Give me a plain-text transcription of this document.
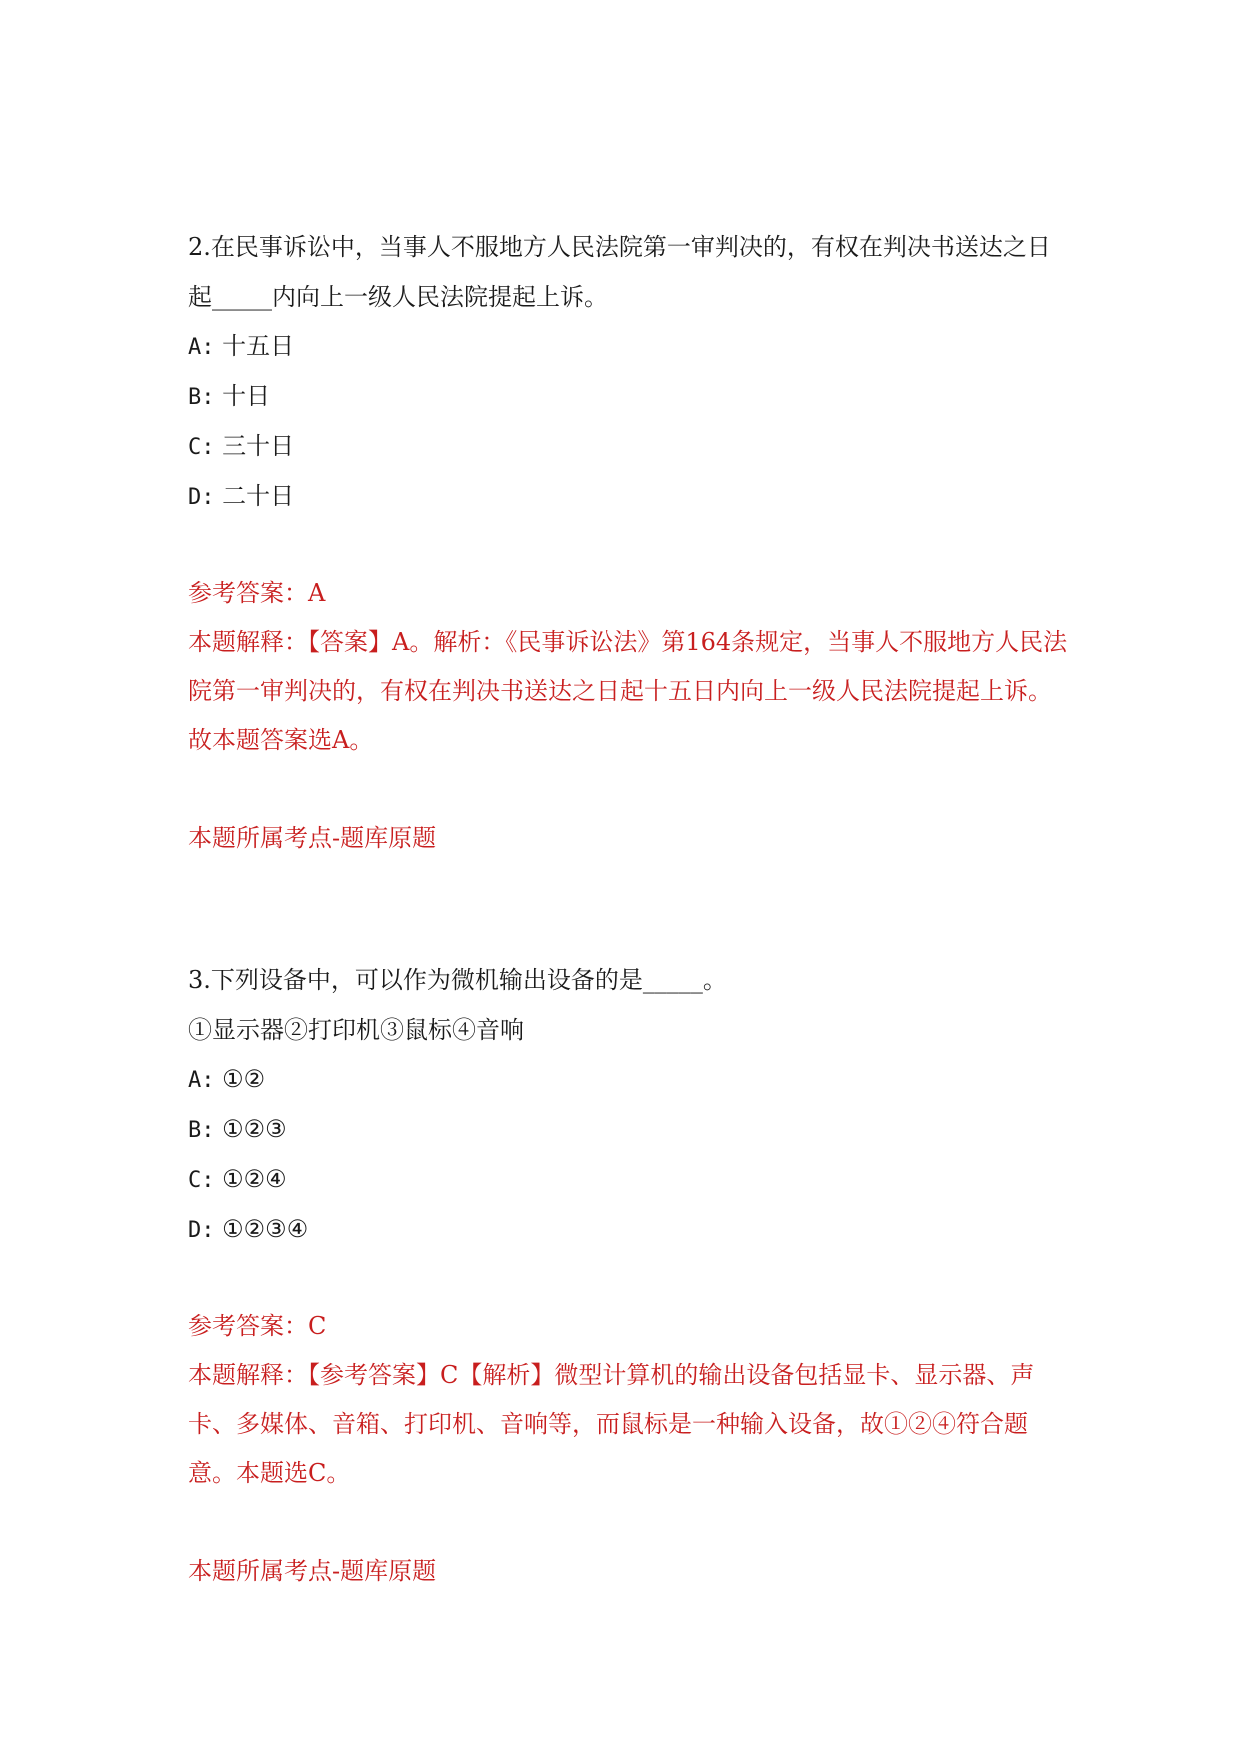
2.在民事诉讼中，当事人不服地方人民法院第一审判决的，有权在判决书送达之日起_____内向上一级人民法院提起上诉。

A: 十五日
B: 十日
C: 三十日
D: 二十日
参考答案：A

本题解释：【答案】A。解析：《民事诉讼法》第164条规定，当事人不服地方人民法院第一审判决的，有权在判决书送达之日起十五日内向上一级人民法院提起上诉。故本题答案选A。

本题所属考点-题库原题

3.下列设备中，可以作为微机输出设备的是_____。

①显示器②打印机③鼠标④音响

A: ①②
B: ①②③
C: ①②④
D: ①②③④
参考答案：C

本题解释：【参考答案】C【解析】微型计算机的输出设备包括显卡、显示器、声卡、多媒体、音箱、打印机、音响等，而鼠标是一种输入设备，故①②④符合题意。本题选C。

本题所属考点-题库原题
